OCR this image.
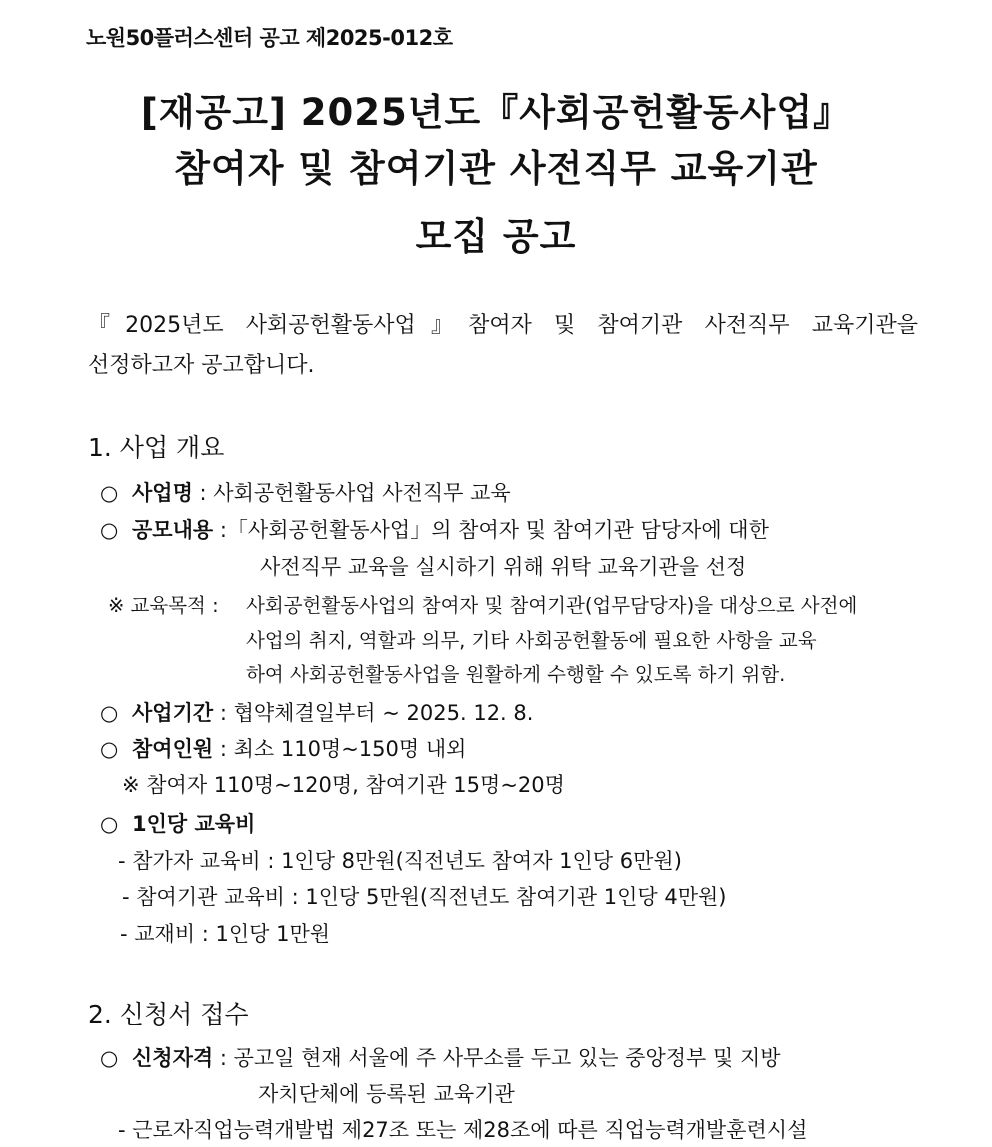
노원50플러스센터 공고 제2025-012호
[재공고] 2025년도『사회공헌활동사업』
참여자 및 참여기관 사전직무 교육기관
모집 공고
『2025년도 사회공헌활동사업』참여자 및 참여기관 사전직무 교육기관을
선정하고자 공고합니다.
1. 사업 개요
○ 사업명 : 사회공헌활동사업 사전직무 교육
○ 공모내용 :「사회공헌활동사업」의 참여자 및 참여기관 담당자에 대한
사전직무 교육을 실시하기 위해 위탁 교육기관을 선정
※ 교육목적 : 사회공헌활동사업의 참여자 및 참여기관(업무담당자)을 대상으로 사전에
사업의 취지, 역할과 의무, 기타 사회공헌활동에 필요한 사항을 교육
하여 사회공헌활동사업을 원활하게 수행할 수 있도록 하기 위함.
○ 사업기간 : 협약체결일부터 ~ 2025. 12. 8.
○ 참여인원 : 최소 110명~150명 내외
※ 참여자 110명~120명, 참여기관 15명~20명
○ 1인당 교육비
- 참가자 교육비 : 1인당 8만원(직전년도 참여자 1인당 6만원)
- 참여기관 교육비 : 1인당 5만원(직전년도 참여기관 1인당 4만원)
- 교재비 : 1인당 1만원
2. 신청서 접수
○ 신청자격 : 공고일 현재 서울에 주 사무소를 두고 있는 중앙정부 및 지방
자치단체에 등록된 교육기관
- 근로자직업능력개발법 제27조 또는 제28조에 따른 직업능력개발훈련시설
